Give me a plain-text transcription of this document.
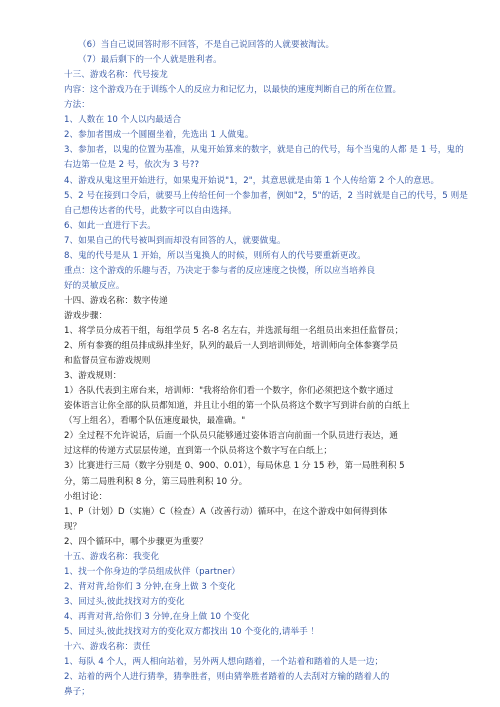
（6）当自己说回答时形不回答，不是自己说回答的人就要被淘汰。
（7）最后剩下的一个人就是胜利者。
十三、游戏名称：代号接龙
内容：这个游戏乃在于训练个人的反应力和记忆力，以最快的速度判断自己的所在位置。
方法：
1、人数在 10 个人以内最适合
2、参加者围成一个圆圈坐着，先选出 1 人做鬼。
3、参加者，以鬼的位置为基准，从鬼开始算来的数字，就是自己的代号，每个当鬼的人都 是 1 号，鬼的
右边第一位是 2 号，依次为 3 号??
4、游戏从鬼这里开始进行，如果鬼开始说"1，2"，其意思就是由第 1 个人传给第 2 个人的意思。
5、2 号在接到口令后，就要马上传给任何一个参加者，例如"2，5"的话，2 当时就是自己的代号，5 则是
自己想传达者的代号，此数字可以自由选择。
6、如此一直进行下去。
7、如果自己的代号被叫到而却没有回答的人，就要做鬼。
8、鬼的代号是从 1 开始，所以当鬼换人的时候，则所有人的代号要重新更改。
重点：这个游戏的乐趣与否，乃决定于参与者的反应速度之快慢，所以应当培养良
好的灵敏反应。
十四、游戏名称：数字传递
游戏步骤：
1、将学员分成若干组，每组学员 5 名-8 名左右，并选派每组一名组员出来担任监督员；
2、所有参赛的组员排成纵排坐好，队列的最后一人到培训师处，培训师向全体参赛学员
和监督员宣布游戏规则
3、游戏规则：
1）各队代表到主席台来，培训师："我将给你们看一个数字，你们必须把这个数字通过
姿体语言让你全部的队员都知道，并且让小组的第一个队员将这个数字写到讲台前的白纸上
（写上组名），看哪个队伍速度最快，最准确。"
2）全过程不允许说话，后面一个队员只能够通过姿体语言向前面一个队员进行表达，通
过这样的传递方式层层传递，直到第一个队员将这个数字写在白纸上；
3）比赛进行三局（数字分别是 0、900、0.01），每局休息 1 分 15 秒，第一局胜利积 5
分，第二局胜利积 8 分，第三局胜利积 10 分。
小组讨论：
1、P（计划）D（实施）C（检查）A（改善行动）循环中，在这个游戏中如何得到体
现？
2、四个循环中，哪个步骤更为重要？
十五、游戏名称：我变化
1、找一个你身边的学员组成伙伴（partner）
2、背对背,给你们 3 分钟,在身上做 3 个变化
3、回过头,彼此找找对方的变化
4、再背对背,给你们 3 分钟,在身上做 10 个变化
5、回过头,彼此找找对方的变化双方都找出 10 个变化的,请举手 ！
十六、游戏名称：责任
1、每队 4 个人，两人相向站着，另外两人想向踏着，一个站着和踏着的人是一边；
2、站着的两个人进行猜拳，猜拳胜者，则由猜拳胜者踏着的人去刮对方输的踏着人的
鼻子；
